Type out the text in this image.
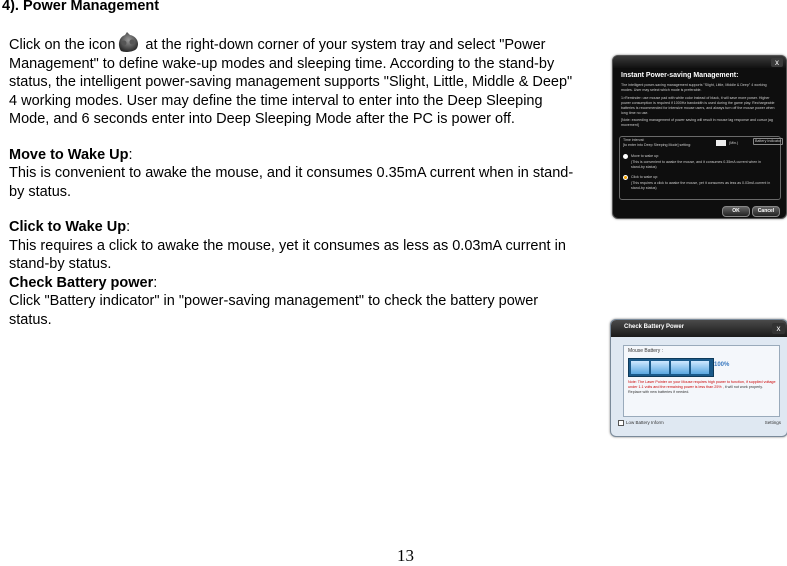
4). Power Management

Click on the icon at the right-down corner of your system tray and select "Power Management" to define wake-up modes and sleeping time. According to the stand-by status, the intelligent power-saving management supports "Slight, Little, Middle & Deep" 4 working modes. User may define the time interval to enter into the Deep Sleeping Mode, and 6 seconds enter into Deep Sleeping Mode after the PC is power off.

Move to Wake Up:

This is convenient to awake the mouse, and it consumes 0.35mA current when in stand-by status.

Click to Wake Up:

This requires a click to awake the mouse, yet it consumes as less as 0.03mA current in stand-by status.

Check Battery power:

Click "Battery indicator" in "power-saving management" to check the battery power status.

x
Instant Power-saving Management:
The intelligent power-saving management supports "Slight, Little, Middle & Deep" 4 working modes. User may select which mode is preferable.
1>Reminder: use mouse pad with white color instead of black, it will save more power. Higher power consumption is required if 1000Hz bandwidth is used during the game play. Rechargeable batteries is recommended for intensive mouse users, and always turn off the mouse power when long time no use.
[Note: exceeding management of power saving will result in mouse lag response and cursor jag movement]
Time interval:
[to enter into Deep Sleeping Mode] setting:	(Min.)	Battery Indicator
Move to wake up:
(This is convenient to awake the mouse, and it consumes 0.35mA current when in stand-by status)
Click to wake up:
(This requires a click to awake the mouse, yet it consumes as less as 0.03mA current in stand-by status)
OK	Cancel
Check Battery Power	x
Mouse Battery :
100%
Note: The Laser Pointer on your Mouse requires high power to function, if supplied voltage under 1.1 volts and the remaining power is less than 25% , it will not work properly. Replace with new batteries if needed.
Low Battery Inform	Settings
13
